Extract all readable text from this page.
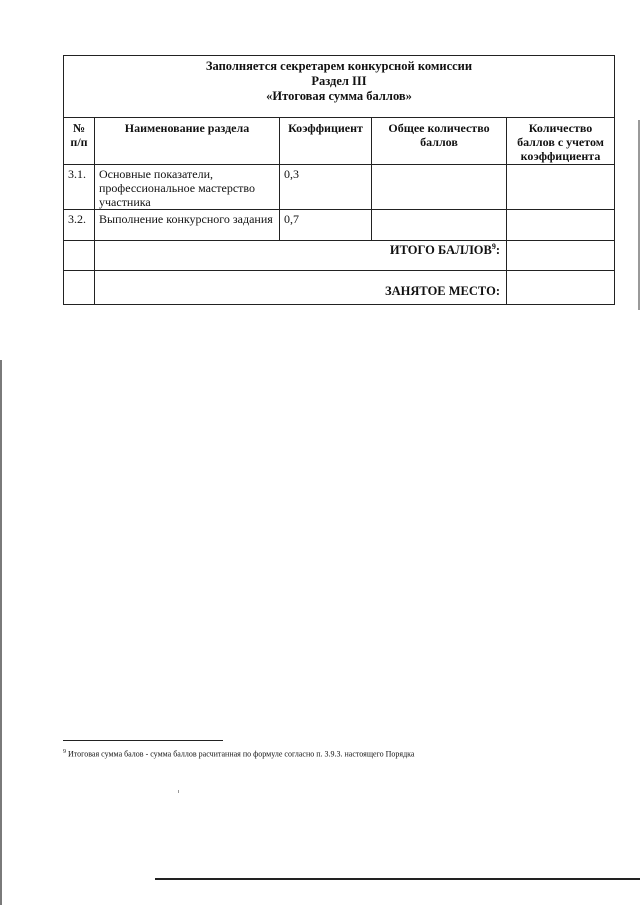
Заполняется секретарем конкурсной комиссии
Раздел III
«Итоговая сумма баллов»				

№ п/п	Наименование раздела	Коэффициент	Общее количество баллов	Количество баллов с учетом коэффициента
3.1.	Основные показатели, профессиональное мастерство участника	0,3		
3.2.	Выполнение конкурсного задания	0,7		
	ИТОГО БАЛЛОВ$^9$:			
	ЗАНЯТОЕ МЕСТО:			
$^9$ Итоговая сумма балов - сумма баллов расчитанная по формуле согласно п. 3.9.3. настоящего Порядка
